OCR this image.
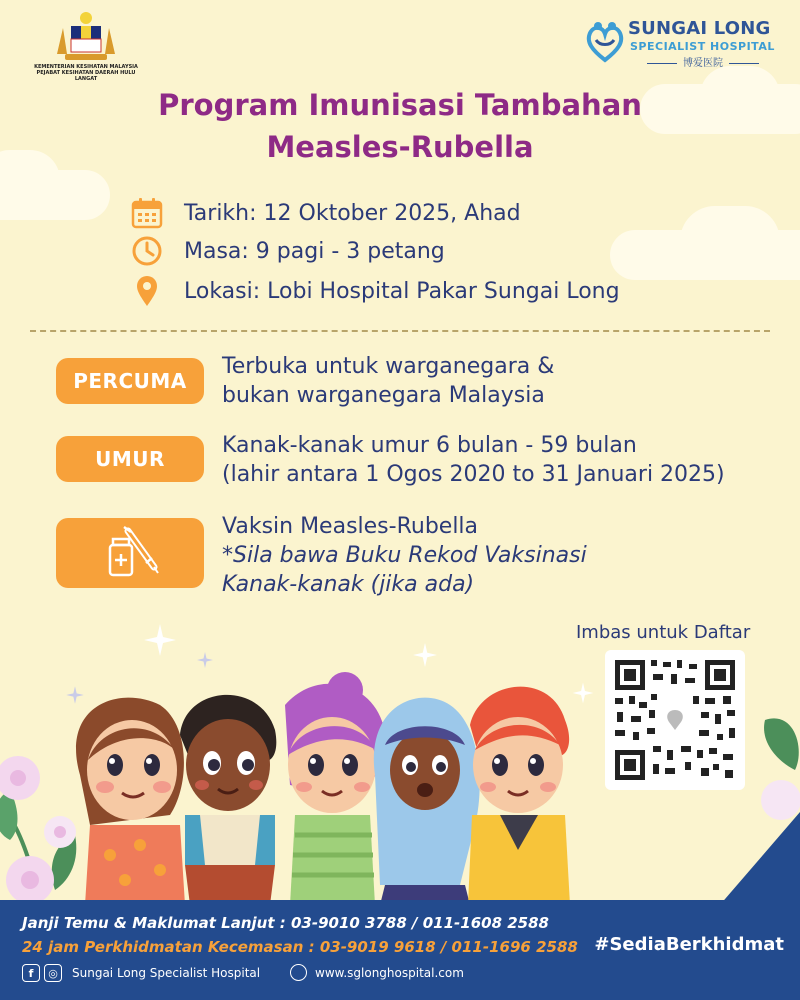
KEMENTERIAN KESIHATAN MALAYSIA
PEJABAT KESIHATAN DAERAH HULU LANGAT
SUNGAI LONG
SPECIALIST HOSPITAL
博爱医院
Program Imunisasi Tambahan
Measles-Rubella
Tarikh: 12 Oktober 2025, Ahad
Masa: 9 pagi - 3 petang
Lokasi: Lobi Hospital Pakar Sungai Long
PERCUMA
Terbuka untuk warganegara &
bukan warganegara Malaysia
UMUR
Kanak-kanak umur 6 bulan - 59 bulan
(lahir antara 1 Ogos 2020 to 31 Januari 2025)
Vaksin Measles-Rubella
*Sila bawa Buku Rekod Vaksinasi
Kanak-kanak (jika ada)
Imbas untuk Daftar
Janji Temu & Maklumat Lanjut : 03-9010 3788 / 011-1608 2588
24 jam Perkhidmatan Kecemasan : 03-9019 9618 / 011-1696 2588
f	◎	Sungai Long Specialist Hospital	www.sglonghospital.com
#SediaBerkhidmat
